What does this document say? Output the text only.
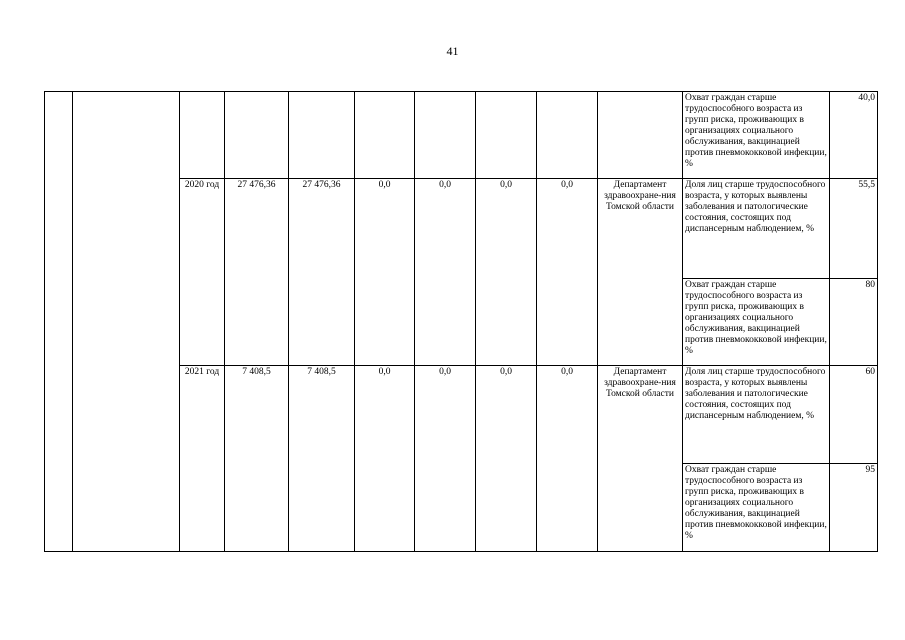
41
										Охват граждан старше трудоспособного возраста из групп риска, проживающих в организациях социального обслуживания, вакцинацией против пневмококковой инфекции, %	40,0
		2020 год	27 476,36	27 476,36	0,0	0,0	0,0	0,0	Департамент здравоохране-ния Томской области	Доля лиц старше трудоспособного возраста, у которых выявлены заболевания и патологические состояния, состоящих под диспансерным наблюдением, %	55,5
										Охват граждан старше трудоспособного возраста из групп риска, проживающих в организациях социального обслуживания, вакцинацией против пневмококковой инфекции, %	80
		2021 год	7 408,5	7 408,5	0,0	0,0	0,0	0,0	Департамент здравоохране-ния Томской области	Доля лиц старше трудоспособного возраста, у которых выявлены заболевания и патологические состояния, состоящих под диспансерным наблюдением, %	60
										Охват граждан старше трудоспособного возраста из групп риска, проживающих в организациях социального обслуживания, вакцинацией против пневмококковой инфекции, %	95
